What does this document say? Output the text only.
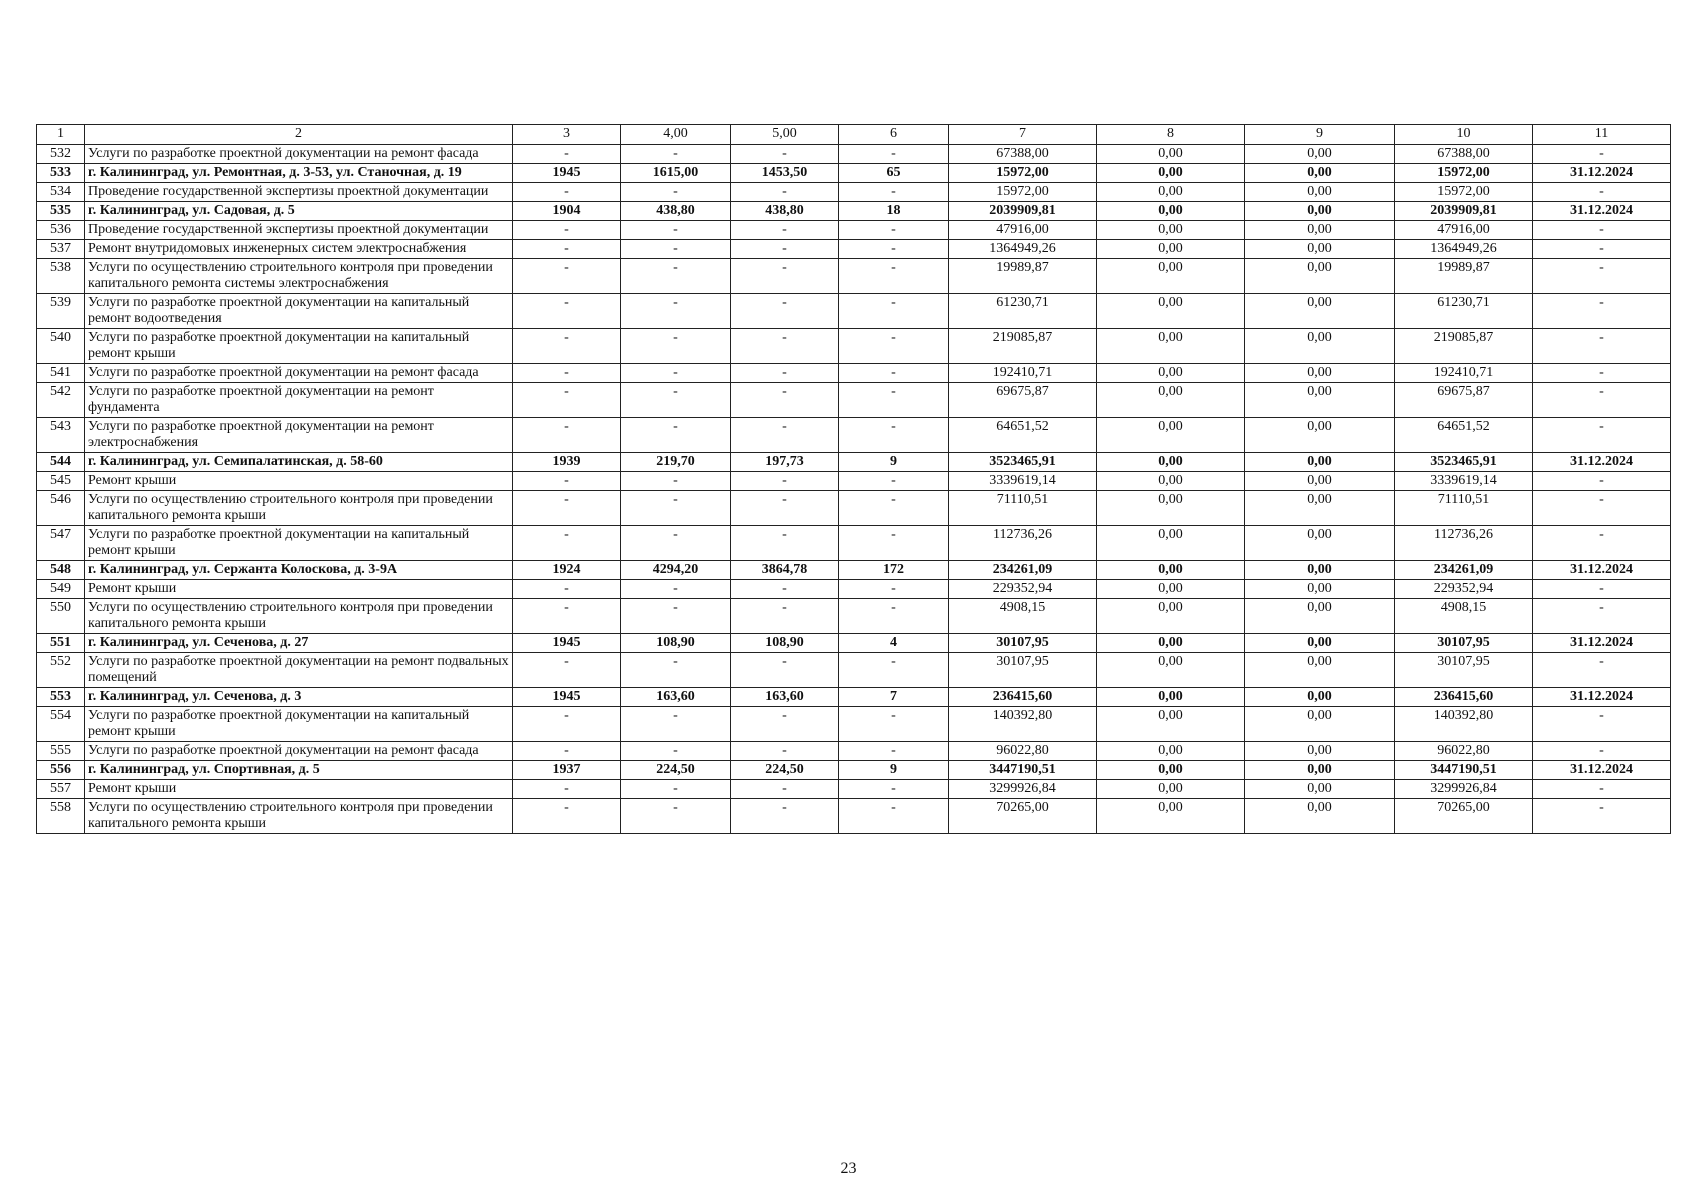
1	2	3	4,00	5,00	6	7	8	9	10	11
532	Услуги по разработке проектной документации на ремонт фасада	-	-	-	-	67388,00	0,00	0,00	67388,00	-
533	г. Калининград, ул. Ремонтная, д. 3-53, ул. Станочная, д. 19	1945	1615,00	1453,50	65	15972,00	0,00	0,00	15972,00	31.12.2024
534	Проведение государственной экспертизы проектной документации	-	-	-	-	15972,00	0,00	0,00	15972,00	-
535	г. Калининград, ул. Садовая, д. 5	1904	438,80	438,80	18	2039909,81	0,00	0,00	2039909,81	31.12.2024
536	Проведение государственной экспертизы проектной документации	-	-	-	-	47916,00	0,00	0,00	47916,00	-
537	Ремонт внутридомовых инженерных систем электроснабжения	-	-	-	-	1364949,26	0,00	0,00	1364949,26	-
538	Услуги по осуществлению строительного контроля при проведении капитального ремонта системы электроснабжения	-	-	-	-	19989,87	0,00	0,00	19989,87	-
539	Услуги по разработке проектной документации на капитальный ремонт водоотведения	-	-	-	-	61230,71	0,00	0,00	61230,71	-
540	Услуги по разработке проектной документации на капитальный ремонт крыши	-	-	-	-	219085,87	0,00	0,00	219085,87	-
541	Услуги по разработке проектной документации на ремонт фасада	-	-	-	-	192410,71	0,00	0,00	192410,71	-
542	Услуги по разработке проектной документации на ремонт фундамента	-	-	-	-	69675,87	0,00	0,00	69675,87	-
543	Услуги по разработке проектной документации на ремонт электроснабжения	-	-	-	-	64651,52	0,00	0,00	64651,52	-
544	г. Калининград, ул. Семипалатинская, д. 58-60	1939	219,70	197,73	9	3523465,91	0,00	0,00	3523465,91	31.12.2024
545	Ремонт крыши	-	-	-	-	3339619,14	0,00	0,00	3339619,14	-
546	Услуги по осуществлению строительного контроля при проведении капитального ремонта крыши	-	-	-	-	71110,51	0,00	0,00	71110,51	-
547	Услуги по разработке проектной документации на капитальный ремонт крыши	-	-	-	-	112736,26	0,00	0,00	112736,26	-
548	г. Калининград, ул. Сержанта Колоскова, д. 3-9А	1924	4294,20	3864,78	172	234261,09	0,00	0,00	234261,09	31.12.2024
549	Ремонт крыши	-	-	-	-	229352,94	0,00	0,00	229352,94	-
550	Услуги по осуществлению строительного контроля при проведении капитального ремонта крыши	-	-	-	-	4908,15	0,00	0,00	4908,15	-
551	г. Калининград, ул. Сеченова, д. 27	1945	108,90	108,90	4	30107,95	0,00	0,00	30107,95	31.12.2024
552	Услуги по разработке проектной документации на ремонт подвальных помещений	-	-	-	-	30107,95	0,00	0,00	30107,95	-
553	г. Калининград, ул. Сеченова, д. 3	1945	163,60	163,60	7	236415,60	0,00	0,00	236415,60	31.12.2024
554	Услуги по разработке проектной документации на капитальный ремонт крыши	-	-	-	-	140392,80	0,00	0,00	140392,80	-
555	Услуги по разработке проектной документации на ремонт фасада	-	-	-	-	96022,80	0,00	0,00	96022,80	-
556	г. Калининград, ул. Спортивная, д. 5	1937	224,50	224,50	9	3447190,51	0,00	0,00	3447190,51	31.12.2024
557	Ремонт крыши	-	-	-	-	3299926,84	0,00	0,00	3299926,84	-
558	Услуги по осуществлению строительного контроля при проведении капитального ремонта крыши	-	-	-	-	70265,00	0,00	0,00	70265,00	-
23
